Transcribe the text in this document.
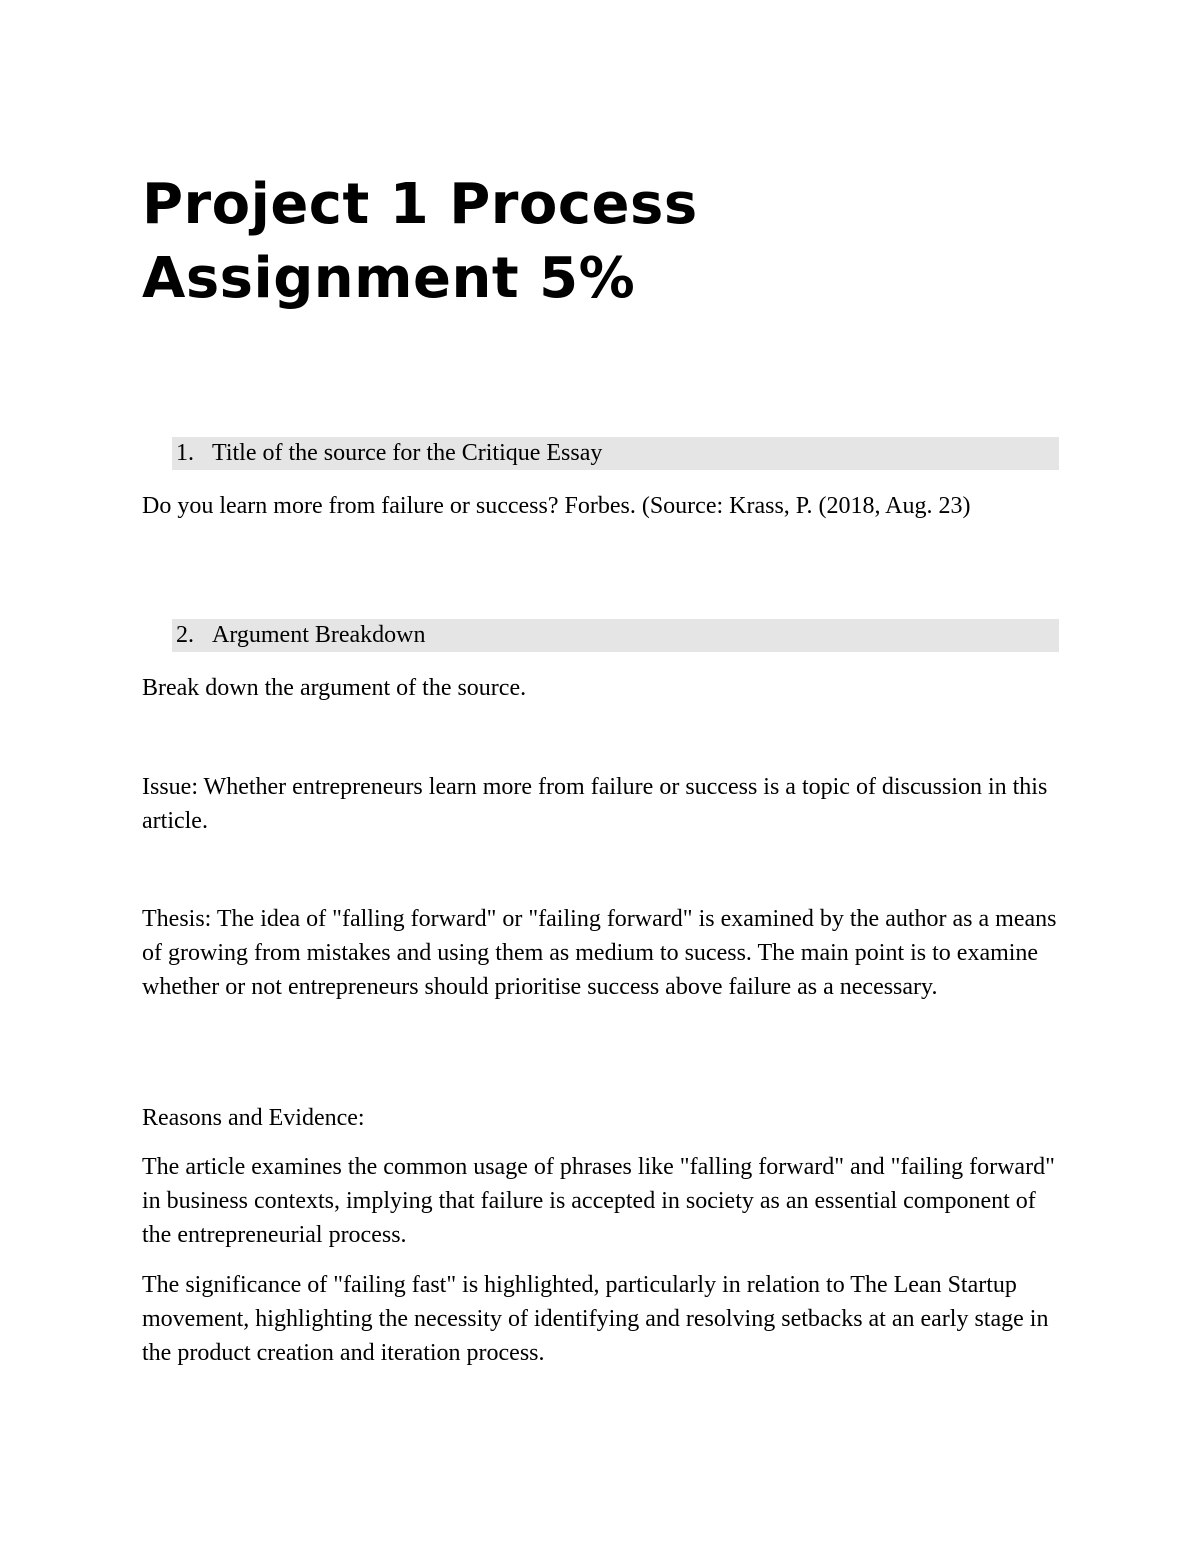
Project 1 Process
Assignment 5%
1. Title of the source for the Critique Essay

Do you learn more from failure or success? Forbes. (Source: Krass, P. (2018, Aug. 23)

2. Argument Breakdown

Break down the argument of the source.

Issue: Whether entrepreneurs learn more from failure or success is a topic of discussion in this article.

Thesis: The idea of "falling forward" or "failing forward" is examined by the author as a means of growing from mistakes and using them as medium to sucess. The main point is to examine whether or not entrepreneurs should prioritise success above failure as a necessary.

Reasons and Evidence:

The article examines the common usage of phrases like "falling forward" and "failing forward" in business contexts, implying that failure is accepted in society as an essential component of the entrepreneurial process.

The significance of "failing fast" is highlighted, particularly in relation to The Lean Startup movement, highlighting the necessity of identifying and resolving setbacks at an early stage in the product creation and iteration process.
